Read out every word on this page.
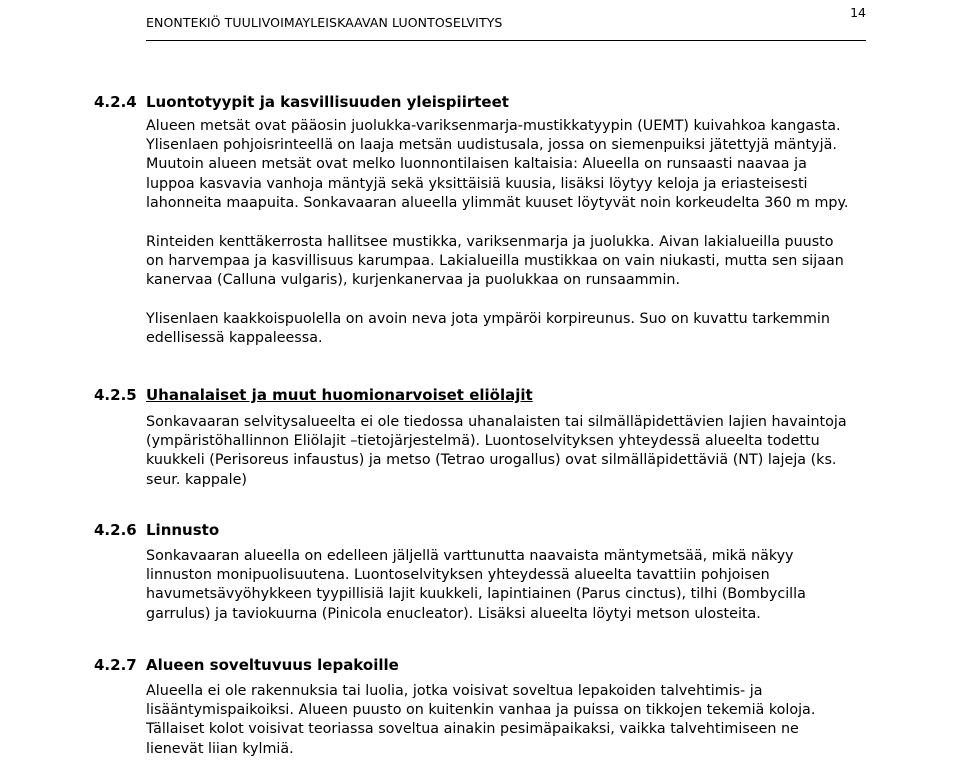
ENONTEKIÖ TUULIVOIMAYLEISKAAVAN LUONTOSELVITYS
14
4.2.4 Luontotyypit ja kasvillisuuden yleispiirteet

Alueen metsät ovat pääosin juolukka-variksenmarja-mustikkatyypin (UEMT) kuivahkoa kangasta. Ylisenlaen pohjoisrinteellä on laaja metsän uudistusala, jossa on siemenpuiksi jätettyjä mäntyjä. Muutoin alueen metsät ovat melko luonnontilaisen kaltaisia: Alueella on runsaasti naavaa ja luppoa kasvavia vanhoja mäntyjä sekä yksittäisiä kuusia, lisäksi löytyy keloja ja eriasteisesti lahonneita maapuita. Sonkavaaran alueella ylimmät kuuset löytyvät noin korkeudelta 360 m mpy.

Rinteiden kenttäkerrosta hallitsee mustikka, variksenmarja ja juolukka. Aivan lakialueilla puusto on harvempaa ja kasvillisuus karumpaa. Lakialueilla mustikkaa on vain niukasti, mutta sen sijaan kanervaa (Calluna vulgaris), kurjenkanervaa ja puolukkaa on runsaammin.

Ylisenlaen kaakkoispuolella on avoin neva jota ympäröi korpireunus. Suo on kuvattu tarkemmin edellisessä kappaleessa.

4.2.5 Uhanalaiset ja muut huomionarvoiset eliölajit

Sonkavaaran selvitysalueelta ei ole tiedossa uhanalaisten tai silmälläpidettävien lajien havaintoja (ympäristöhallinnon Eliölajit –tietojärjestelmä). Luontoselvityksen yhteydessä alueelta todettu kuukkeli (Perisoreus infaustus) ja metso (Tetrao urogallus) ovat silmälläpidettäviä (NT) lajeja (ks. seur. kappale)

4.2.6 Linnusto

Sonkavaaran alueella on edelleen jäljellä varttunutta naavaista mäntymetsää, mikä näkyy linnuston monipuolisuutena. Luontoselvityksen yhteydessä alueelta tavattiin pohjoisen havumetsävyöhykkeen tyypillisiä lajit kuukkeli, lapintiainen (Parus cinctus), tilhi (Bombycilla garrulus) ja taviokuurna (Pinicola enucleator). Lisäksi alueelta löytyi metson ulosteita.

4.2.7 Alueen soveltuvuus lepakoille

Alueella ei ole rakennuksia tai luolia, jotka voisivat soveltua lepakoiden talvehtimis- ja lisääntymispaikoiksi. Alueen puusto on kuitenkin vanhaa ja puissa on tikkojen tekemiä koloja. Tällaiset kolot voisivat teoriassa soveltua ainakin pesimäpaikaksi, vaikka talvehtimiseen ne lienevät liian kylmiä.
